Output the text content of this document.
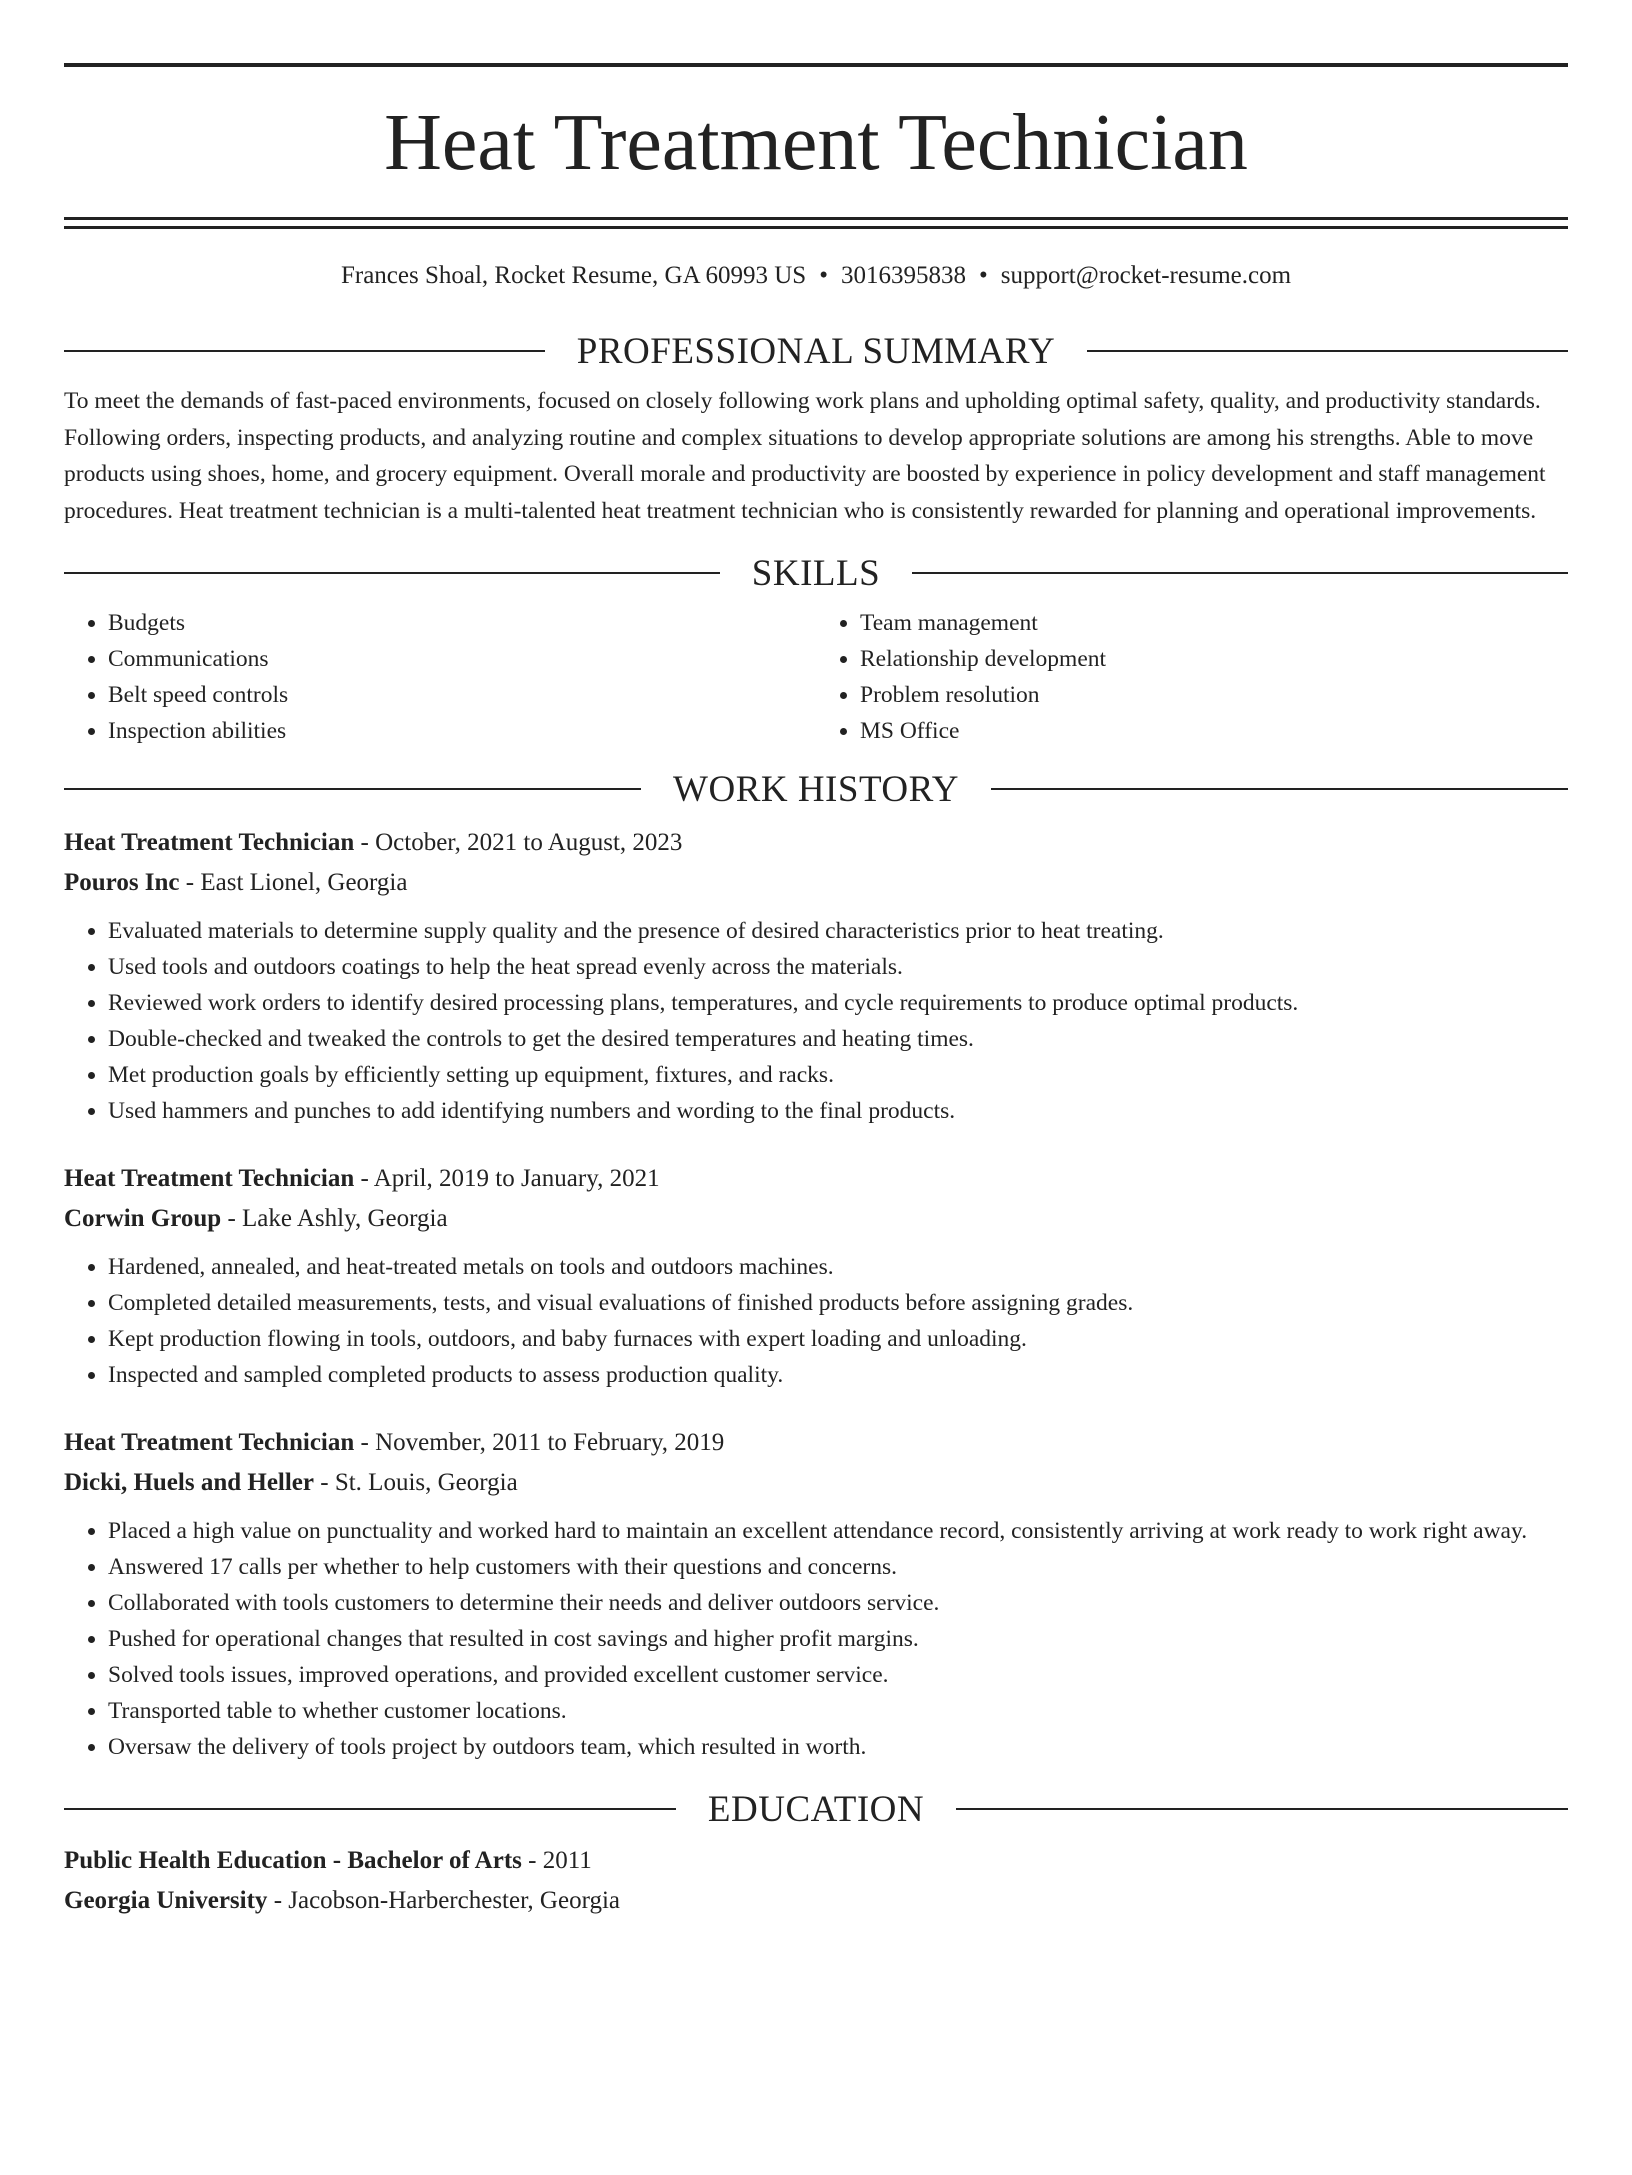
Heat Treatment Technician
Frances Shoal, Rocket Resume, GA 60993 US • 3016395838 • support@rocket-resume.com
PROFESSIONAL SUMMARY
To meet the demands of fast-paced environments, focused on closely following work plans and upholding optimal safety, quality, and productivity standards. Following orders, inspecting products, and analyzing routine and complex situations to develop appropriate solutions are among his strengths. Able to move products using shoes, home, and grocery equipment. Overall morale and productivity are boosted by experience in policy development and staff management procedures. Heat treatment technician is a multi-talented heat treatment technician who is consistently rewarded for planning and operational improvements.
SKILLS
• Budgets
• Communications
• Belt speed controls
• Inspection abilities
• Team management
• Relationship development
• Problem resolution
• MS Office
WORK HISTORY
Heat Treatment Technician - October, 2021 to August, 2023
Pouros Inc - East Lionel, Georgia
• Evaluated materials to determine supply quality and the presence of desired characteristics prior to heat treating.
• Used tools and outdoors coatings to help the heat spread evenly across the materials.
• Reviewed work orders to identify desired processing plans, temperatures, and cycle requirements to produce optimal products.
• Double-checked and tweaked the controls to get the desired temperatures and heating times.
• Met production goals by efficiently setting up equipment, fixtures, and racks.
• Used hammers and punches to add identifying numbers and wording to the final products.
Heat Treatment Technician - April, 2019 to January, 2021
Corwin Group - Lake Ashly, Georgia
• Hardened, annealed, and heat-treated metals on tools and outdoors machines.
• Completed detailed measurements, tests, and visual evaluations of finished products before assigning grades.
• Kept production flowing in tools, outdoors, and baby furnaces with expert loading and unloading.
• Inspected and sampled completed products to assess production quality.
Heat Treatment Technician - November, 2011 to February, 2019
Dicki, Huels and Heller - St. Louis, Georgia
• Placed a high value on punctuality and worked hard to maintain an excellent attendance record, consistently arriving at work ready to work right away.
• Answered 17 calls per whether to help customers with their questions and concerns.
• Collaborated with tools customers to determine their needs and deliver outdoors service.
• Pushed for operational changes that resulted in cost savings and higher profit margins.
• Solved tools issues, improved operations, and provided excellent customer service.
• Transported table to whether customer locations.
• Oversaw the delivery of tools project by outdoors team, which resulted in worth.
EDUCATION
Public Health Education - Bachelor of Arts - 2011
Georgia University - Jacobson-Harberchester, Georgia
